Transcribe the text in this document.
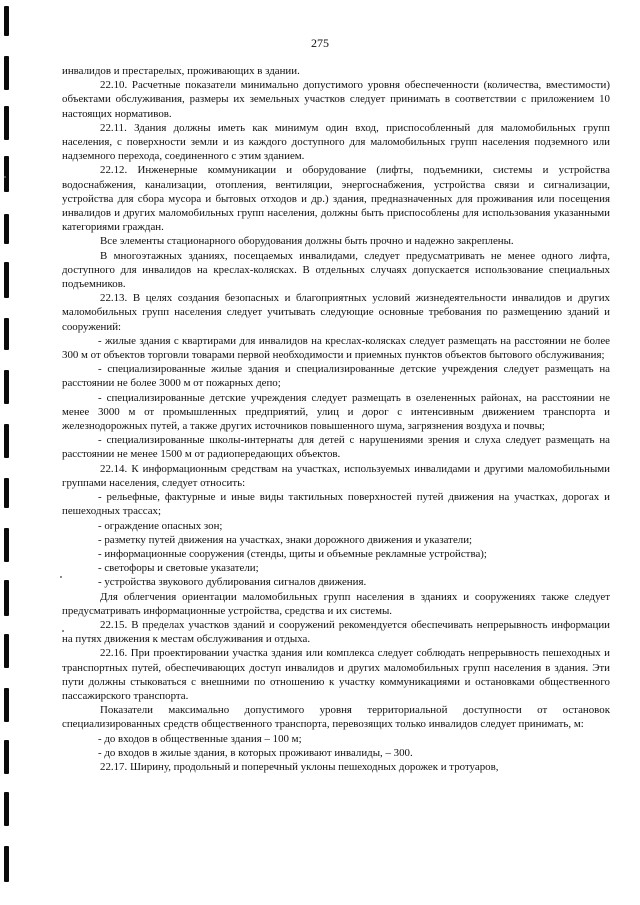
275

инвалидов и престарелых, проживающих в здании.

22.10. Расчетные показатели минимально допустимого уровня обеспеченности (количества, вместимости) объектами обслуживания, размеры их земельных участков следует принимать в соответствии с приложением 10 настоящих нормативов.

22.11. Здания должны иметь как минимум один вход, приспособленный для маломобильных групп населения, с поверхности земли и из каждого доступного для маломобильных групп населения подземного или надземного перехода, соединенного с этим зданием.

22.12. Инженерные коммуникации и оборудование (лифты, подъемники, системы и устройства водоснабжения, канализации, отопления, вентиляции, энергоснабжения, устройства связи и сигнализации, устройства для сбора мусора и бытовых отходов и др.) здания, предназначенных для проживания или посещения инвалидов и других маломобильных групп населения, должны быть приспособлены для использования указанными категориями граждан.

Все элементы стационарного оборудования должны быть прочно и надежно закреплены.

В многоэтажных зданиях, посещаемых инвалидами, следует предусматривать не менее одного лифта, доступного для инвалидов на креслах-колясках. В отдельных случаях допускается использование специальных подъемников.

22.13. В целях создания безопасных и благоприятных условий жизнедеятельности инвалидов и других маломобильных групп населения следует учитывать следующие основные требования по размещению зданий и сооружений:

- жилые здания с квартирами для инвалидов на креслах-колясках следует размещать на расстоянии не более 300 м от объектов торговли товарами первой необходимости и приемных пунктов объектов бытового обслуживания;

- специализированные жилые здания и специализированные детские учреждения следует размещать на расстоянии не более 3000 м от пожарных депо;

- специализированные детские учреждения следует размещать в озелененных районах, на расстоянии не менее 3000 м от промышленных предприятий, улиц и дорог с интенсивным движением транспорта и железнодорожных путей, а также других источников повышенного шума, загрязнения воздуха и почвы;

- специализированные школы-интернаты для детей с нарушениями зрения и слуха следует размещать на расстоянии не менее 1500 м от радиопередающих объектов.

22.14. К информационным средствам на участках, используемых инвалидами и другими маломобильными группами населения, следует относить:

- рельефные, фактурные и иные виды тактильных поверхностей путей движения на участках, дорогах и пешеходных трассах;

- ограждение опасных зон;

- разметку путей движения на участках, знаки дорожного движения и указатели;

- информационные сооружения (стенды, щиты и объемные рекламные устройства);

- светофоры и световые указатели;

- устройства звукового дублирования сигналов движения.

Для облегчения ориентации маломобильных групп населения в зданиях и сооружениях также следует предусматривать информационные устройства, средства и их системы.

22.15. В пределах участков зданий и сооружений рекомендуется обеспечивать непрерывность информации на путях движения к местам обслуживания и отдыха.

22.16. При проектировании участка здания или комплекса следует соблюдать непрерывность пешеходных и транспортных путей, обеспечивающих доступ инвалидов и других маломобильных групп населения в здания. Эти пути должны стыковаться с внешними по отношению к участку коммуникациями и остановками общественного пассажирского транспорта.

Показатели максимально допустимого уровня территориальной доступности от остановок специализированных средств общественного транспорта, перевозящих только инвалидов следует принимать, м:

- до входов в общественные здания – 100 м;

- до входов в жилые здания, в которых проживают инвалиды, – 300.

22.17. Ширину, продольный и поперечный уклоны пешеходных дорожек и тротуаров,
